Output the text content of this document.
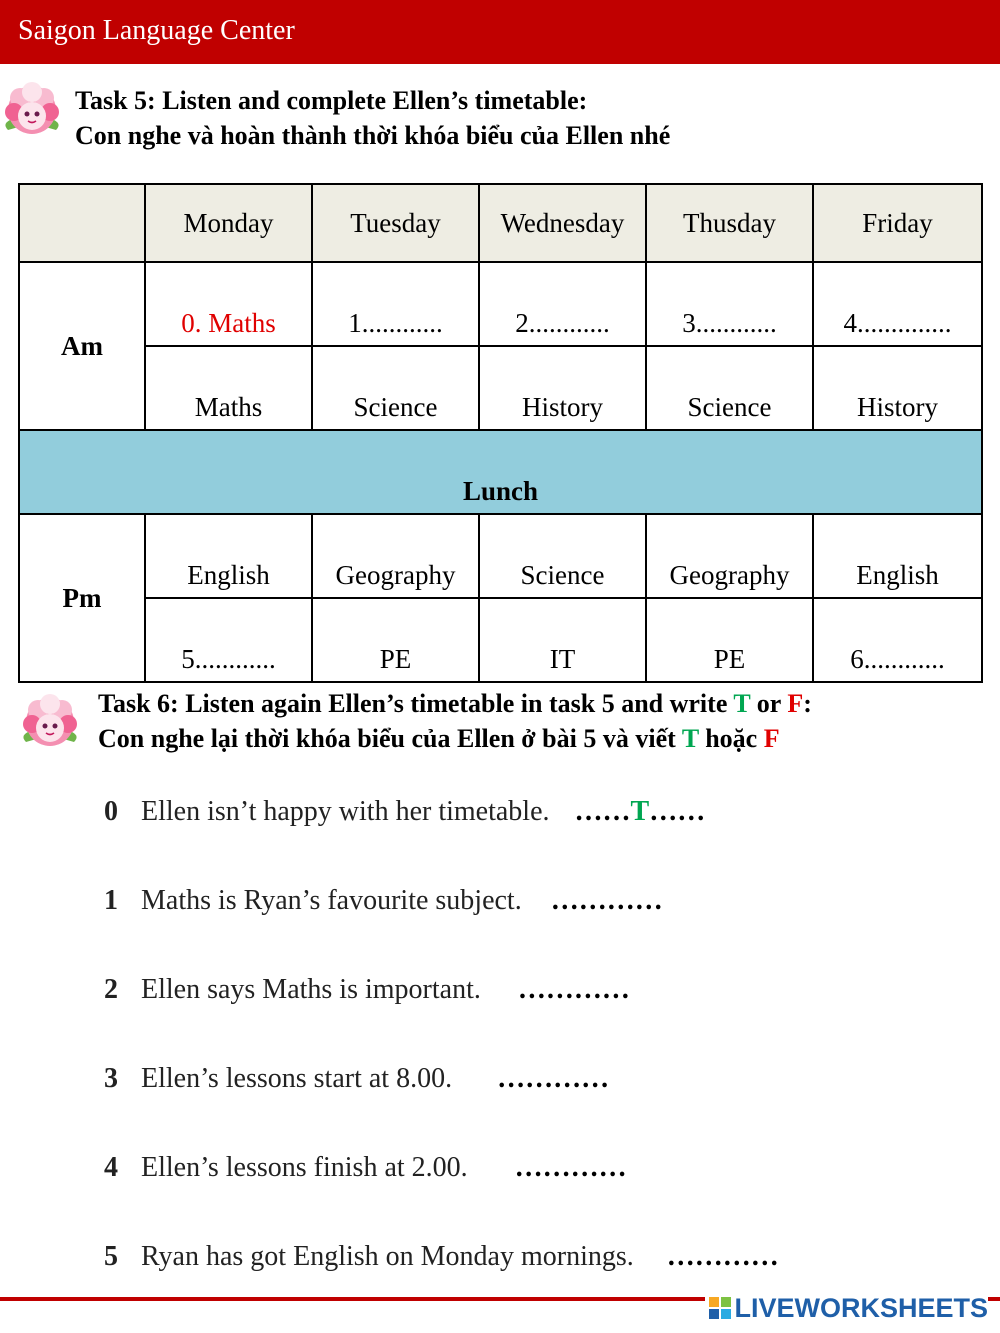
Saigon Language Center
Task 5: Listen and complete Ellen’s timetable:
Con nghe và hoàn thành thời khóa biểu của Ellen nhé
	Monday	Tuesday	Wednesday	Thusday	Friday
Am	0. Maths	1............	2............	3............	4..............
	Maths	Science	History	Science	History
Lunch					
Pm	English	Geography	Science	Geography	English
	5............	PE	IT	PE	6............
Task 6: Listen again Ellen’s timetable in task 5 and write T or F:
Con nghe lại thời khóa biểu của Ellen ở bài 5 và viết T hoặc F
0 Ellen isn’t happy with her timetable. ……T……
1 Maths is Ryan’s favourite subject. …………
2 Ellen says Maths is important. …………
3 Ellen’s lessons start at 8.00. …………
4 Ellen’s lessons finish at 2.00. …………
5 Ryan has got English on Monday mornings. …………
LIVEWORKSHEETS
